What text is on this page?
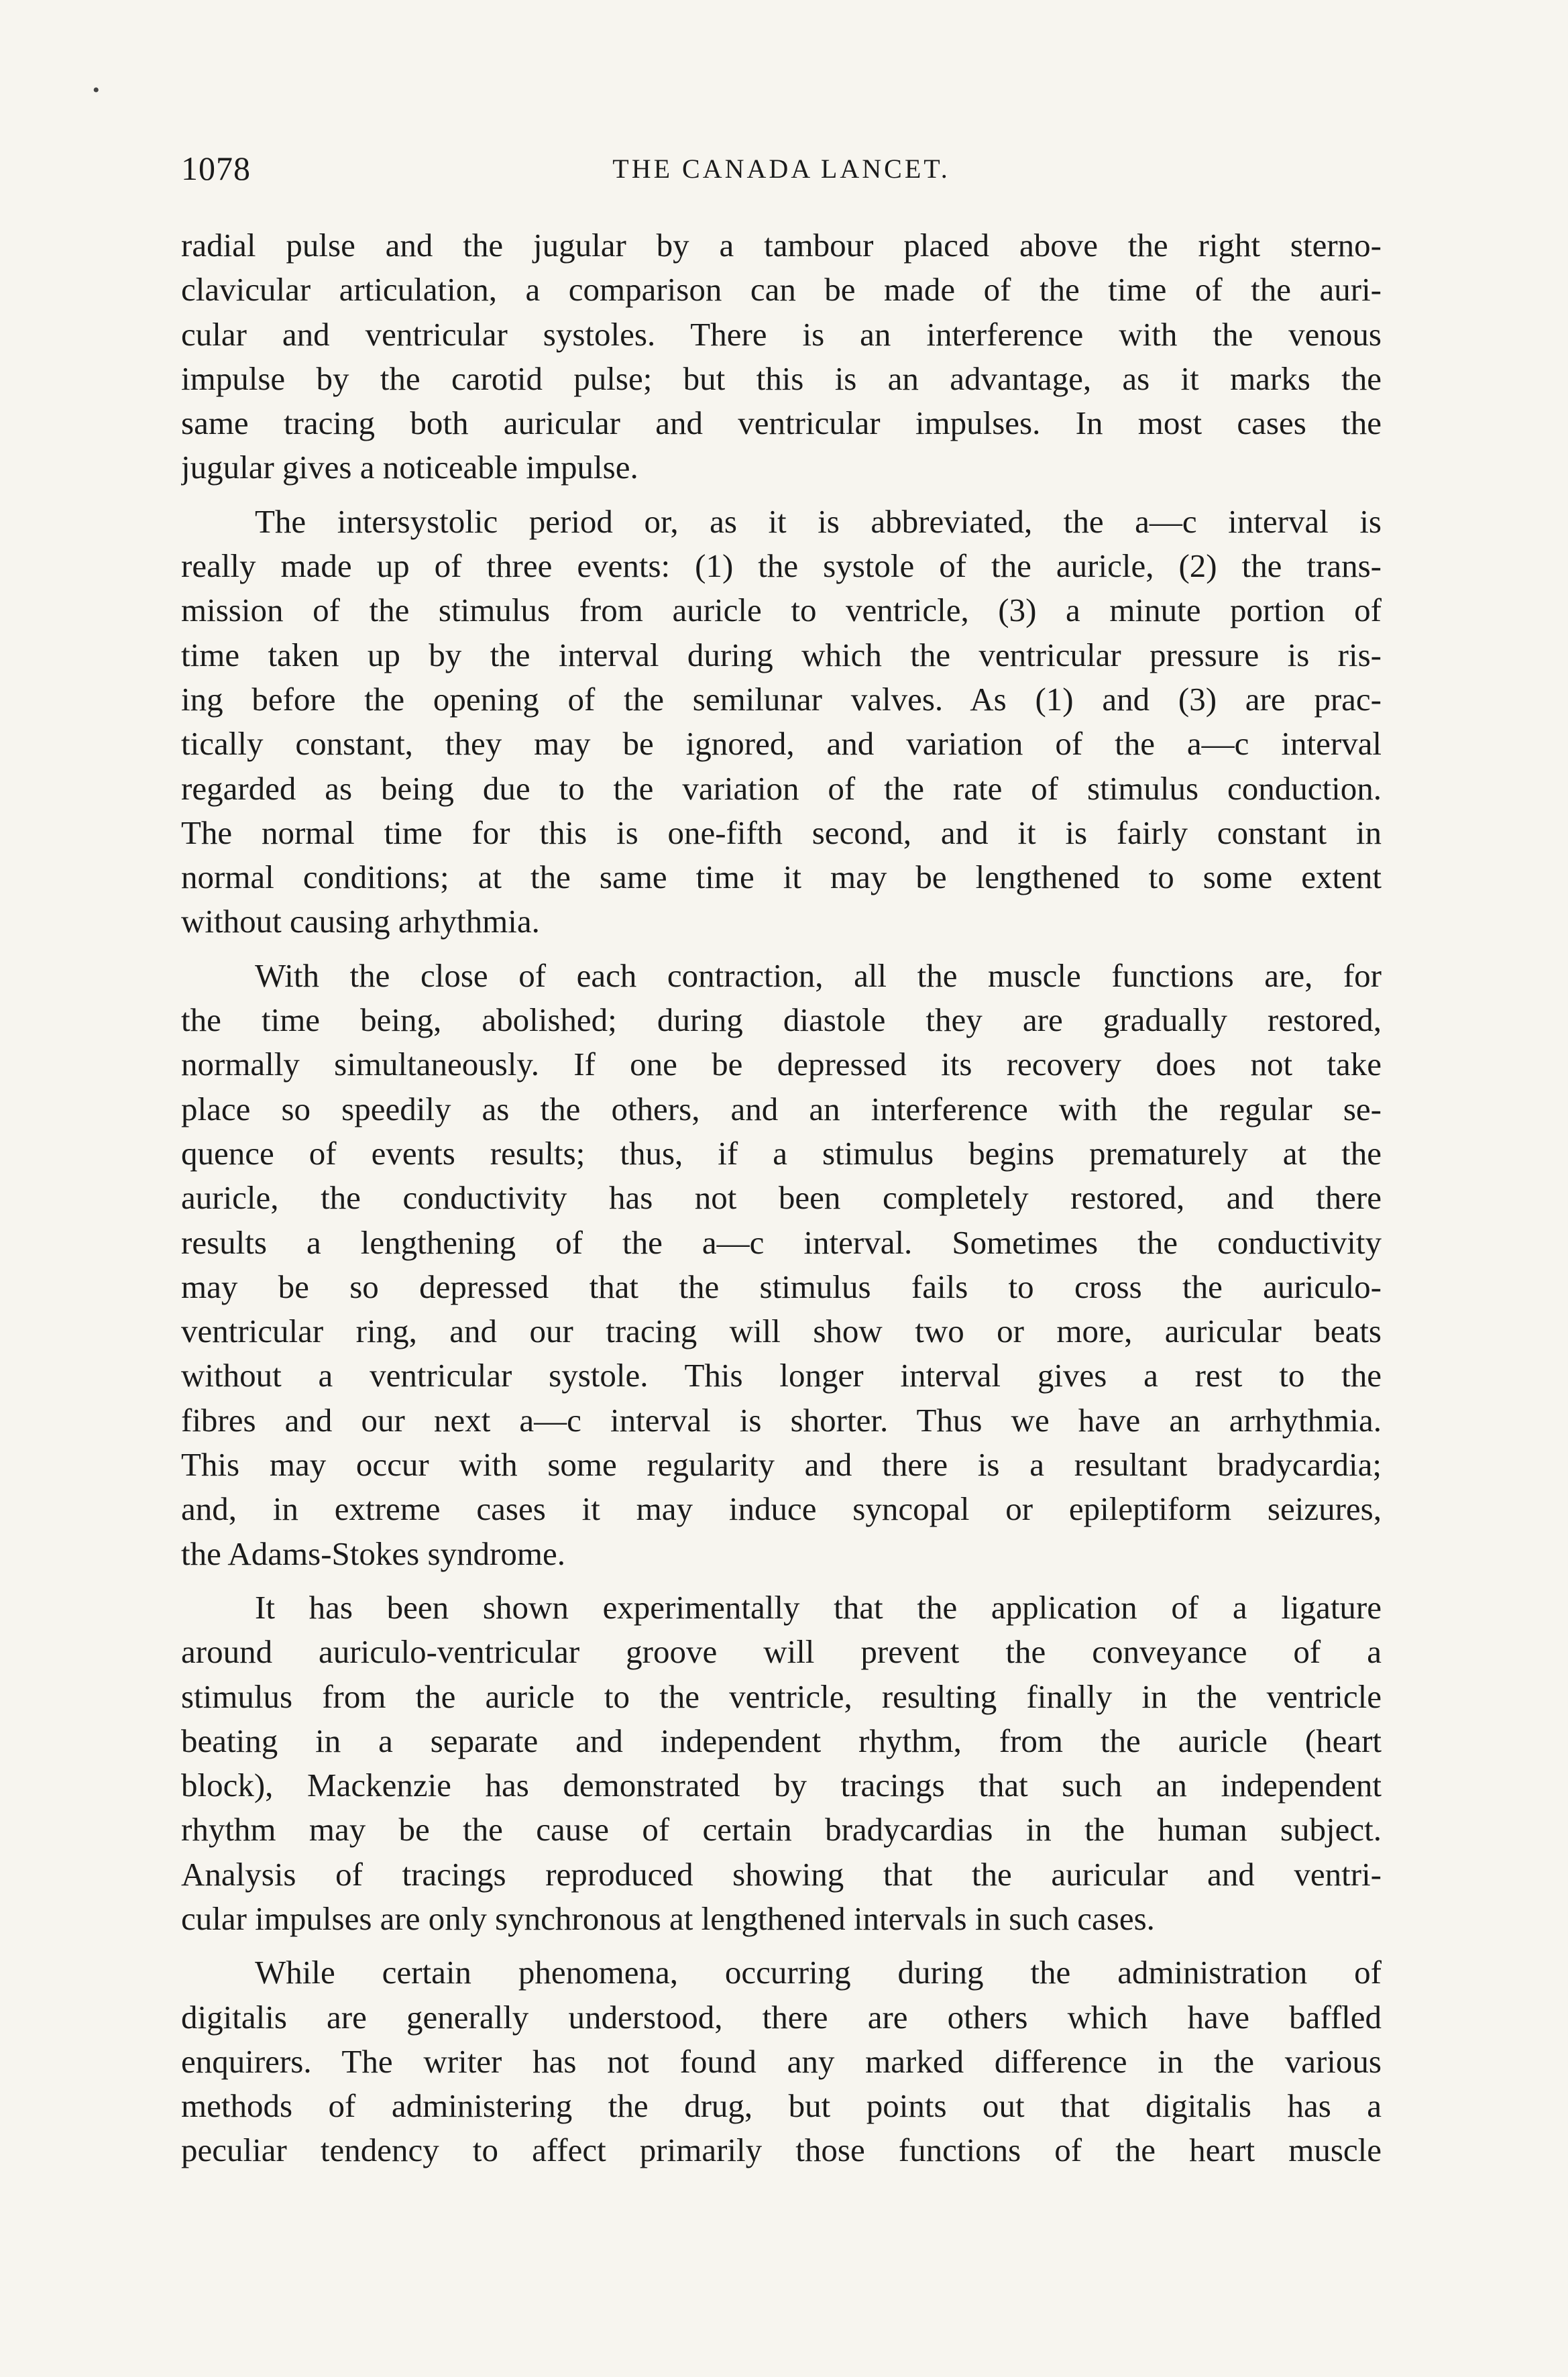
•
1078	THE CANADA LANCET.
radial pulse and the jugular by a tambour placed above the right sterno-
clavicular articulation, a comparison can be made of the time of the auri-
cular and ventricular systoles. There is an interference with the venous
impulse by the carotid pulse; but this is an advantage, as it marks the
same tracing both auricular and ventricular impulses. In most cases the
jugular gives a noticeable impulse.
The intersystolic period or, as it is abbreviated, the a—c interval is
really made up of three events: (1) the systole of the auricle, (2) the trans-
mission of the stimulus from auricle to ventricle, (3) a minute portion of
time taken up by the interval during which the ventricular pressure is ris-
ing before the opening of the semilunar valves. As (1) and (3) are prac-
tically constant, they may be ignored, and variation of the a—c interval
regarded as being due to the variation of the rate of stimulus conduction.
The normal time for this is one-fifth second, and it is fairly constant in
normal conditions; at the same time it may be lengthened to some extent
without causing arhythmia.
With the close of each contraction, all the muscle functions are, for
the time being, abolished; during diastole they are gradually restored,
normally simultaneously. If one be depressed its recovery does not take
place so speedily as the others, and an interference with the regular se-
quence of events results; thus, if a stimulus begins prematurely at the
auricle, the conductivity has not been completely restored, and there
results a lengthening of the a—c interval. Sometimes the conductivity
may be so depressed that the stimulus fails to cross the auriculo-
ventricular ring, and our tracing will show two or more, auricular beats
without a ventricular systole. This longer interval gives a rest to the
fibres and our next a—c interval is shorter. Thus we have an arrhythmia.
This may occur with some regularity and there is a resultant bradycardia;
and, in extreme cases it may induce syncopal or epileptiform seizures,
the Adams-Stokes syndrome.
It has been shown experimentally that the application of a ligature
around auriculo-ventricular groove will prevent the conveyance of a
stimulus from the auricle to the ventricle, resulting finally in the ventricle
beating in a separate and independent rhythm, from the auricle (heart
block), Mackenzie has demonstrated by tracings that such an independent
rhythm may be the cause of certain bradycardias in the human subject.
Analysis of tracings reproduced showing that the auricular and ventri-
cular impulses are only synchronous at lengthened intervals in such cases.
While certain phenomena, occurring during the administration of
digitalis are generally understood, there are others which have baffled
enquirers. The writer has not found any marked difference in the various
methods of administering the drug, but points out that digitalis has a
peculiar tendency to affect primarily those functions of the heart muscle
